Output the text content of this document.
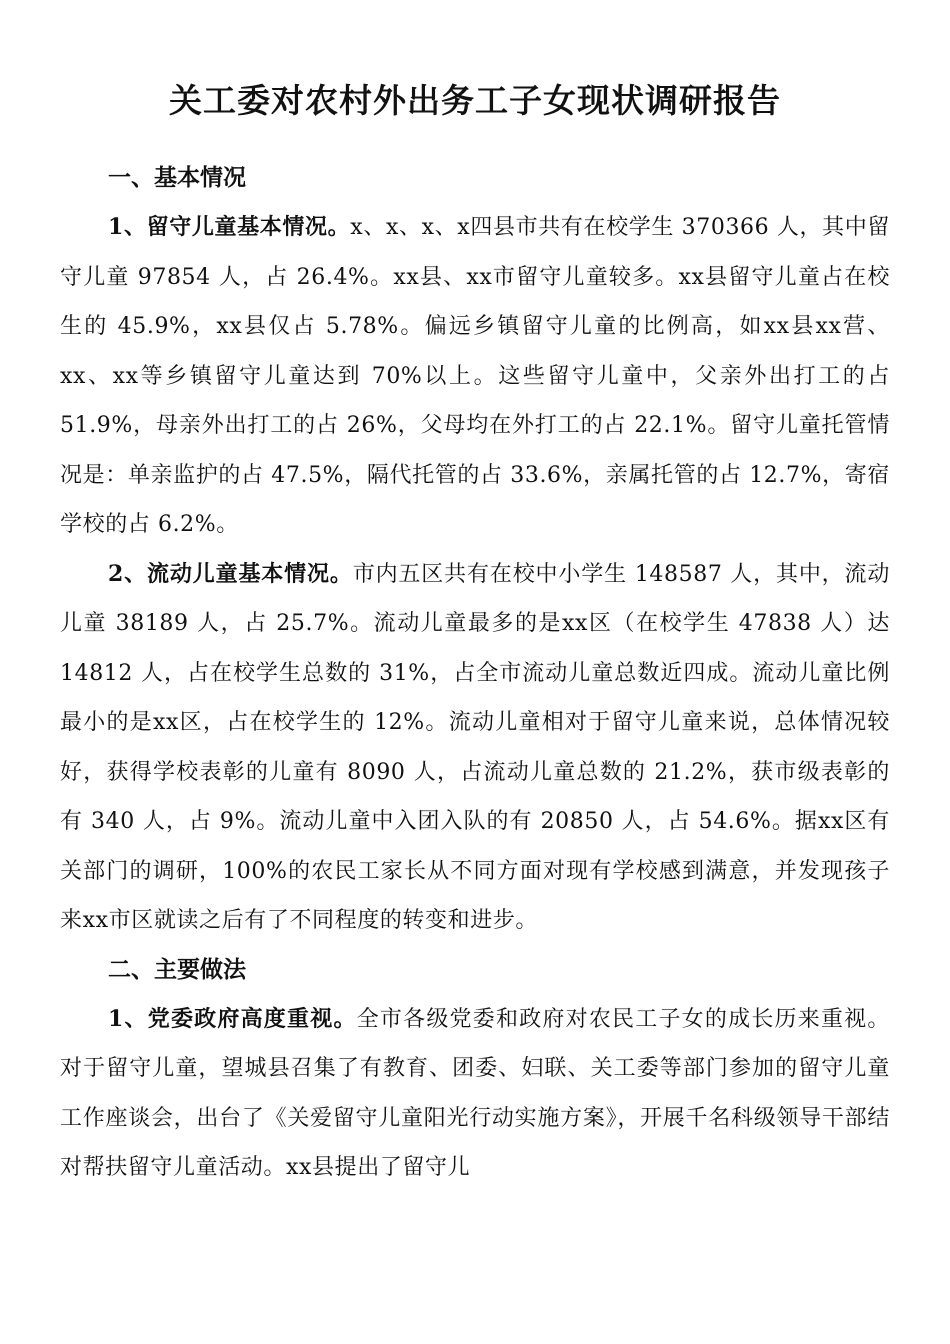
关工委对农村外出务工子女现状调研报告
一、基本情况

1、留守儿童基本情况。x、x、x、x四县市共有在校学生 370366 人，其中留守儿童 97854 人，占 26.4%。xx县、xx市留守儿童较多。xx县留守儿童占在校生的 45.9%，xx县仅占 5.78%。偏远乡镇留守儿童的比例高，如xx县xx营、xx、xx等乡镇留守儿童达到 70%以上。这些留守儿童中，父亲外出打工的占 51.9%，母亲外出打工的占 26%，父母均在外打工的占 22.1%。留守儿童托管情况是：单亲监护的占 47.5%，隔代托管的占 33.6%，亲属托管的占 12.7%，寄宿学校的占 6.2%。

2、流动儿童基本情况。市内五区共有在校中小学生 148587 人，其中，流动儿童 38189 人，占 25.7%。流动儿童最多的是xx区（在校学生 47838 人）达 14812 人，占在校学生总数的 31%，占全市流动儿童总数近四成。流动儿童比例最小的是xx区，占在校学生的 12%。流动儿童相对于留守儿童来说，总体情况较好，获得学校表彰的儿童有 8090 人，占流动儿童总数的 21.2%，获市级表彰的有 340 人，占 9%。流动儿童中入团入队的有 20850 人，占 54.6%。据xx区有关部门的调研，100%的农民工家长从不同方面对现有学校感到满意，并发现孩子来xx市区就读之后有了不同程度的转变和进步。

二、主要做法

1、党委政府高度重视。全市各级党委和政府对农民工子女的成长历来重视。对于留守儿童，望城县召集了有教育、团委、妇联、关工委等部门参加的留守儿童工作座谈会，出台了《关爱留守儿童阳光行动实施方案》，开展千名科级领导干部结对帮扶留守儿童活动。xx县提出了留守儿
